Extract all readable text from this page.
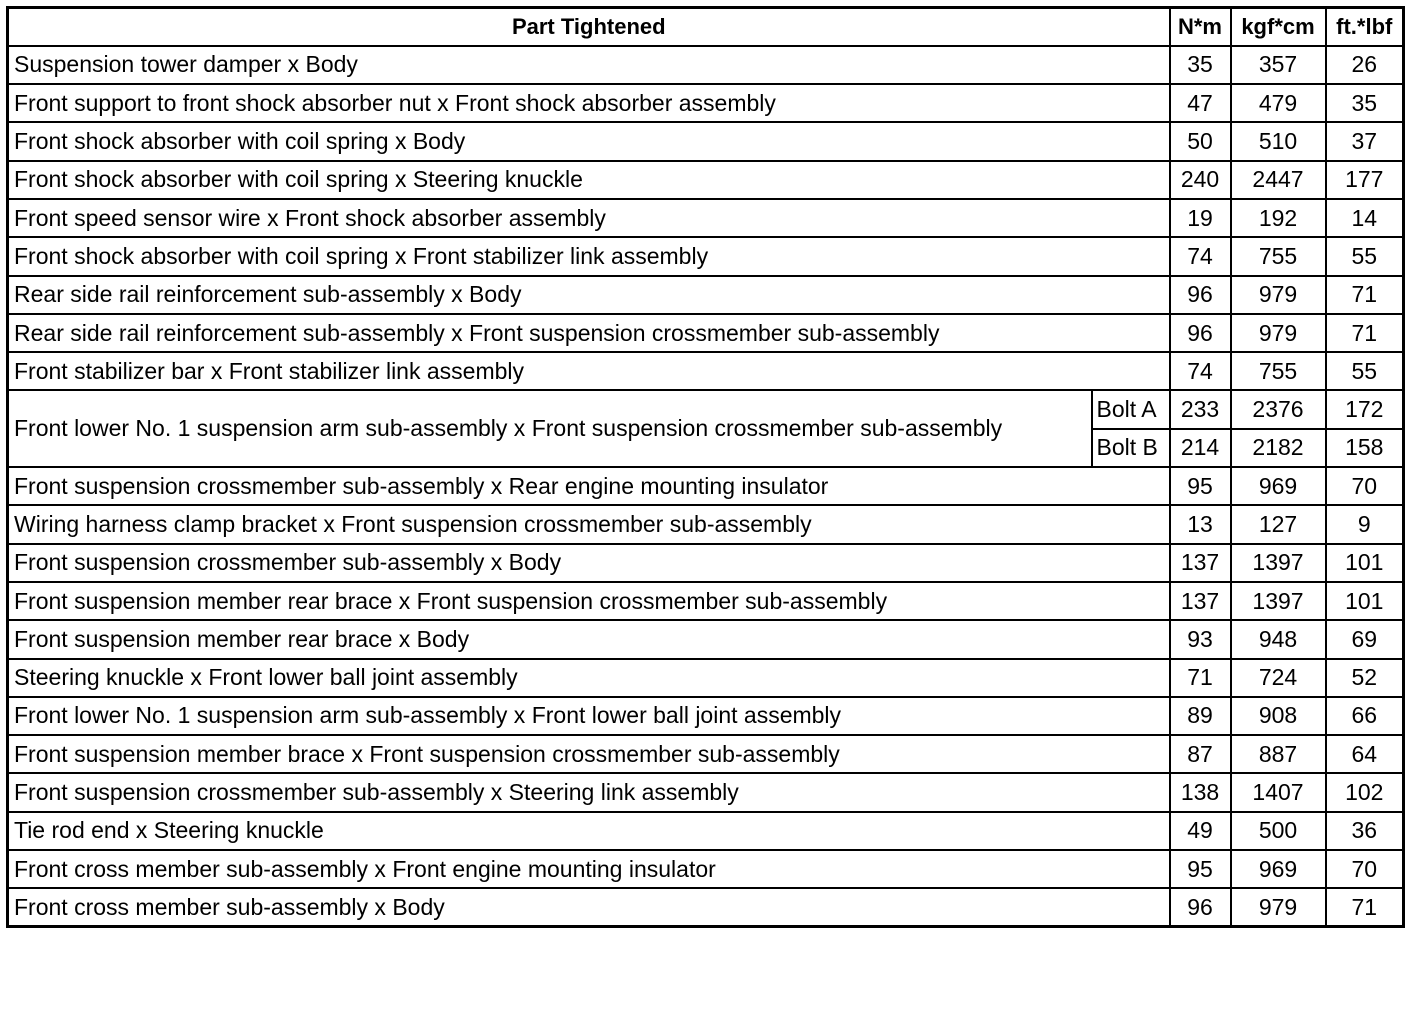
Part Tightened		N*m	kgf*cm	ft.*lbf
Suspension tower damper x Body		35	357	26
Front support to front shock absorber nut x Front shock absorber assembly		47	479	35
Front shock absorber with coil spring x Body		50	510	37
Front shock absorber with coil spring x Steering knuckle		240	2447	177
Front speed sensor wire x Front shock absorber assembly		19	192	14
Front shock absorber with coil spring x Front stabilizer link assembly		74	755	55
Rear side rail reinforcement sub-assembly x Body		96	979	71
Rear side rail reinforcement sub-assembly x Front suspension crossmember sub-assembly		96	979	71
Front stabilizer bar x Front stabilizer link assembly		74	755	55
Front lower No. 1 suspension arm sub-assembly x Front suspension crossmember sub-assembly	Bolt A	233	2376	172
	Bolt B	214	2182	158
Front suspension crossmember sub-assembly x Rear engine mounting insulator		95	969	70
Wiring harness clamp bracket x Front suspension crossmember sub-assembly		13	127	9
Front suspension crossmember sub-assembly x Body		137	1397	101
Front suspension member rear brace x Front suspension crossmember sub-assembly		137	1397	101
Front suspension member rear brace x Body		93	948	69
Steering knuckle x Front lower ball joint assembly		71	724	52
Front lower No. 1 suspension arm sub-assembly x Front lower ball joint assembly		89	908	66
Front suspension member brace x Front suspension crossmember sub-assembly		87	887	64
Front suspension crossmember sub-assembly x Steering link assembly		138	1407	102
Tie rod end x Steering knuckle		49	500	36
Front cross member sub-assembly x Front engine mounting insulator		95	969	70
Front cross member sub-assembly x Body		96	979	71
